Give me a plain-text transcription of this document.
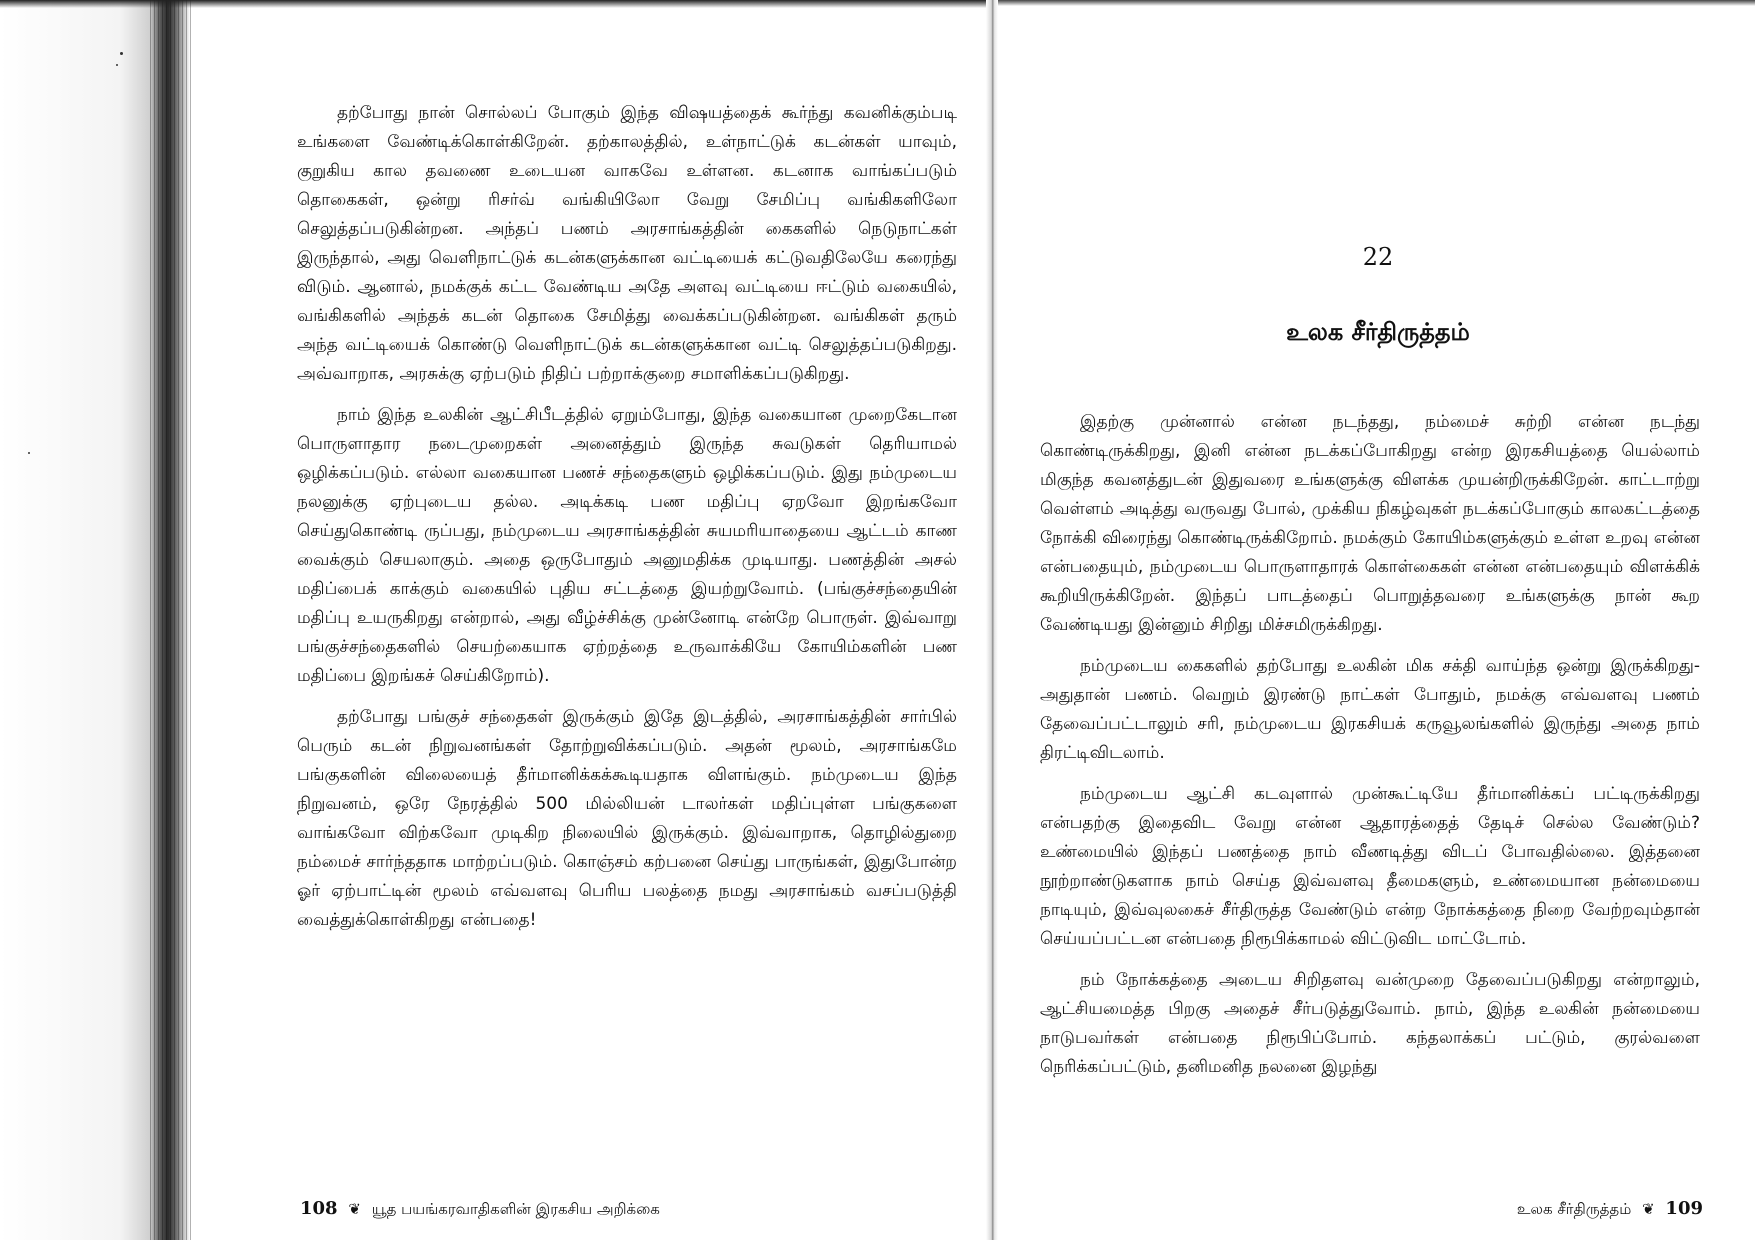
தற்போது நான் சொல்லப் போகும் இந்த விஷயத்தைக் கூர்ந்து கவனிக்கும்படி உங்களை வேண்டிக்கொள்கிறேன். தற்காலத்தில், உள்நாட்டுக் கடன்கள் யாவும், குறுகிய கால தவணை உடையன வாகவே உள்ளன. கடனாக வாங்கப்படும் தொகைகள், ஒன்று ரிசர்வ் வங்கியிலோ வேறு சேமிப்பு வங்கிகளிலோ செலுத்தப்படுகின்றன. அந்தப் பணம் அரசாங்கத்தின் கைகளில் நெடுநாட்கள் இருந்தால், அது வெளிநாட்டுக் கடன்களுக்கான வட்டியைக் கட்டுவதிலேயே கரைந்து விடும். ஆனால், நமக்குக் கட்ட வேண்டிய அதே அளவு வட்டியை ஈட்டும் வகையில், வங்கிகளில் அந்தக் கடன் தொகை சேமித்து வைக்கப்படுகின்றன. வங்கிகள் தரும் அந்த வட்டியைக் கொண்டு வெளிநாட்டுக் கடன்களுக்கான வட்டி செலுத்தப்படுகிறது. அவ்வாறாக, அரசுக்கு ஏற்படும் நிதிப் பற்றாக்குறை சமாளிக்கப்படுகிறது.

நாம் இந்த உலகின் ஆட்சிபீடத்தில் ஏறும்போது, இந்த வகையான முறைகேடான பொருளாதார நடைமுறைகள் அனைத்தும் இருந்த சுவடுகள் தெரியாமல் ஒழிக்கப்படும். எல்லா வகையான பணச் சந்தைகளும் ஒழிக்கப்படும். இது நம்முடைய நலனுக்கு ஏற்புடைய தல்ல. அடிக்கடி பண மதிப்பு ஏறவோ இறங்கவோ செய்துகொண்டி ருப்பது, நம்முடைய அரசாங்கத்தின் சுயமரியாதையை ஆட்டம் காண வைக்கும் செயலாகும். அதை ஒருபோதும் அனுமதிக்க முடியாது. பணத்தின் அசல் மதிப்பைக் காக்கும் வகையில் புதிய சட்டத்தை இயற்றுவோம். (பங்குச்சந்தையின் மதிப்பு உயருகிறது என்றால், அது வீழ்ச்சிக்கு முன்னோடி என்றே பொருள். இவ்வாறு பங்குச்சந்தைகளில் செயற்கையாக ஏற்றத்தை உருவாக்கியே கோயிம்களின் பண மதிப்பை இறங்கச் செய்கிறோம்).

தற்போது பங்குச் சந்தைகள் இருக்கும் இதே இடத்தில், அரசாங்கத்தின் சார்பில் பெரும் கடன் நிறுவனங்கள் தோற்றுவிக்கப்படும். அதன் மூலம், அரசாங்கமே பங்குகளின் விலையைத் தீர்மானிக்கக்கூடியதாக விளங்கும். நம்முடைய இந்த நிறுவனம், ஒரே நேரத்தில் 500 மில்லியன் டாலர்கள் மதிப்புள்ள பங்குகளை வாங்கவோ விற்கவோ முடிகிற நிலையில் இருக்கும். இவ்வாறாக, தொழில்துறை நம்மைச் சார்ந்ததாக மாற்றப்படும். கொஞ்சம் கற்பனை செய்து பாருங்கள், இதுபோன்ற ஓர் ஏற்பாட்டின் மூலம் எவ்வளவு பெரிய பலத்தை நமது அரசாங்கம் வசப்படுத்தி வைத்துக்கொள்கிறது என்பதை!

108 ❦ யூத பயங்கரவாதிகளின் இரகசிய அறிக்கை
22
உலக சீர்திருத்தம்

இதற்கு முன்னால் என்ன நடந்தது, நம்மைச் சுற்றி என்ன நடந்து கொண்டிருக்கிறது, இனி என்ன நடக்கப்போகிறது என்ற இரகசியத்தை யெல்லாம் மிகுந்த கவனத்துடன் இதுவரை உங்களுக்கு விளக்க முயன்றிருக்கிறேன். காட்டாற்று வெள்ளம் அடித்து வருவது போல், முக்கிய நிகழ்வுகள் நடக்கப்போகும் காலகட்டத்தை நோக்கி விரைந்து கொண்டிருக்கிறோம். நமக்கும் கோயிம்களுக்கும் உள்ள உறவு என்ன என்பதையும், நம்முடைய பொருளாதாரக் கொள்கைகள் என்ன என்பதையும் விளக்கிக் கூறியிருக்கிறேன். இந்தப் பாடத்தைப் பொறுத்தவரை உங்களுக்கு நான் கூற வேண்டியது இன்னும் சிறிது மிச்சமிருக்கிறது.

நம்முடைய கைகளில் தற்போது உலகின் மிக சக்தி வாய்ந்த ஒன்று இருக்கிறது- அதுதான் பணம். வெறும் இரண்டு நாட்கள் போதும், நமக்கு எவ்வளவு பணம் தேவைப்பட்டாலும் சரி, நம்முடைய இரகசியக் கருவூலங்களில் இருந்து அதை நாம் திரட்டிவிடலாம்.

நம்முடைய ஆட்சி கடவுளால் முன்கூட்டியே தீர்மானிக்கப் பட்டிருக்கிறது என்பதற்கு இதைவிட வேறு என்ன ஆதாரத்தைத் தேடிச் செல்ல வேண்டும்? உண்மையில் இந்தப் பணத்தை நாம் வீணடித்து விடப் போவதில்லை. இத்தனை நூற்றாண்டுகளாக நாம் செய்த இவ்வளவு தீமைகளும், உண்மையான நன்மையை நாடியும், இவ்வுலகைச் சீர்திருத்த வேண்டும் என்ற நோக்கத்தை நிறை வேற்றவும்தான் செய்யப்பட்டன என்பதை நிரூபிக்காமல் விட்டுவிட மாட்டோம்.

நம் நோக்கத்தை அடைய சிறிதளவு வன்முறை தேவைப்படுகிறது என்றாலும், ஆட்சியமைத்த பிறகு அதைச் சீர்படுத்துவோம். நாம், இந்த உலகின் நன்மையை நாடுபவர்கள் என்பதை நிரூபிப்போம். கந்தலாக்கப் பட்டும், குரல்வளை நெரிக்கப்பட்டும், தனிமனித நலனை இழந்து

உலக சீர்திருத்தம் ❦ 109
